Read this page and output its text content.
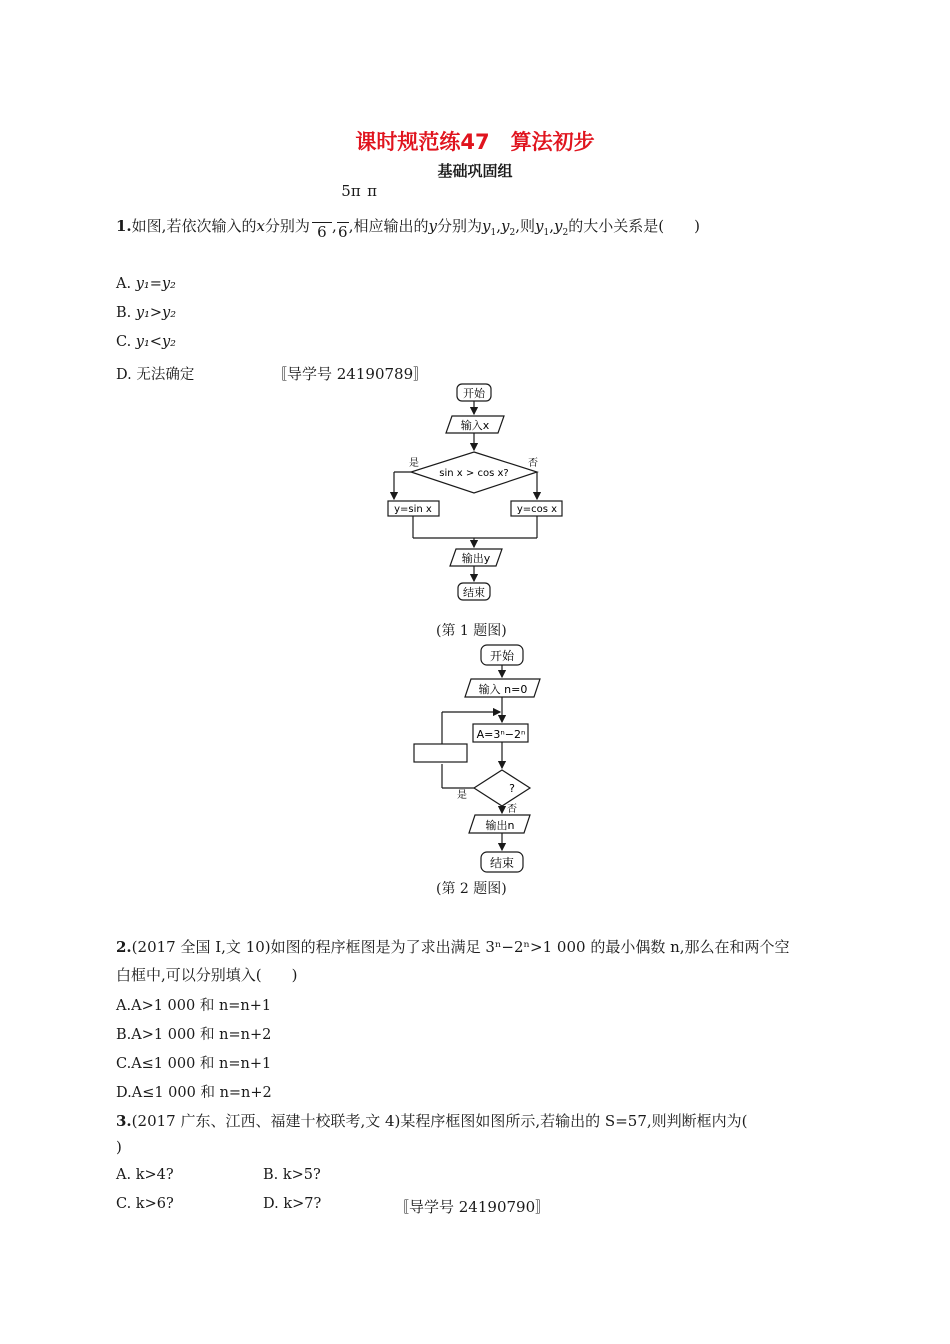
课时规范练47　算法初步
基础巩固组
5π π
1.如图,若依次输入的x分别为 6 ,6,相应输出的y分别为$y_1,y_2$,则$y_1,y_2$的大小关系是(　　)
A. y₁=y₂
B. y₁>y₂
C. y₁<y₂
D. 无法确定	〚导学号 24190789〛
开始
输入x
sin x > cos x?
是	否
y=sin x	y=cos x
输出y
结束
(第 1 题图)
开始
输入 n=0
A=3ⁿ−2ⁿ
?
是
否
输出n
结束
(第 2 题图)
2.(2017 全国 Ⅰ,文 10)如图的程序框图是为了求出满足 3ⁿ−2ⁿ>1 000 的最小偶数 n,那么在和两个空
白框中,可以分别填入(　　)
A.A>1 000 和 n=n+1
B.A>1 000 和 n=n+2
C.A≤1 000 和 n=n+1
D.A≤1 000 和 n=n+2
3.(2017 广东、江西、福建十校联考,文 4)某程序框图如图所示,若输出的 S=57,则判断框内为(
)
A. k>4?	B. k>5?
C. k>6?	D. k>7?	〚导学号 24190790〛
